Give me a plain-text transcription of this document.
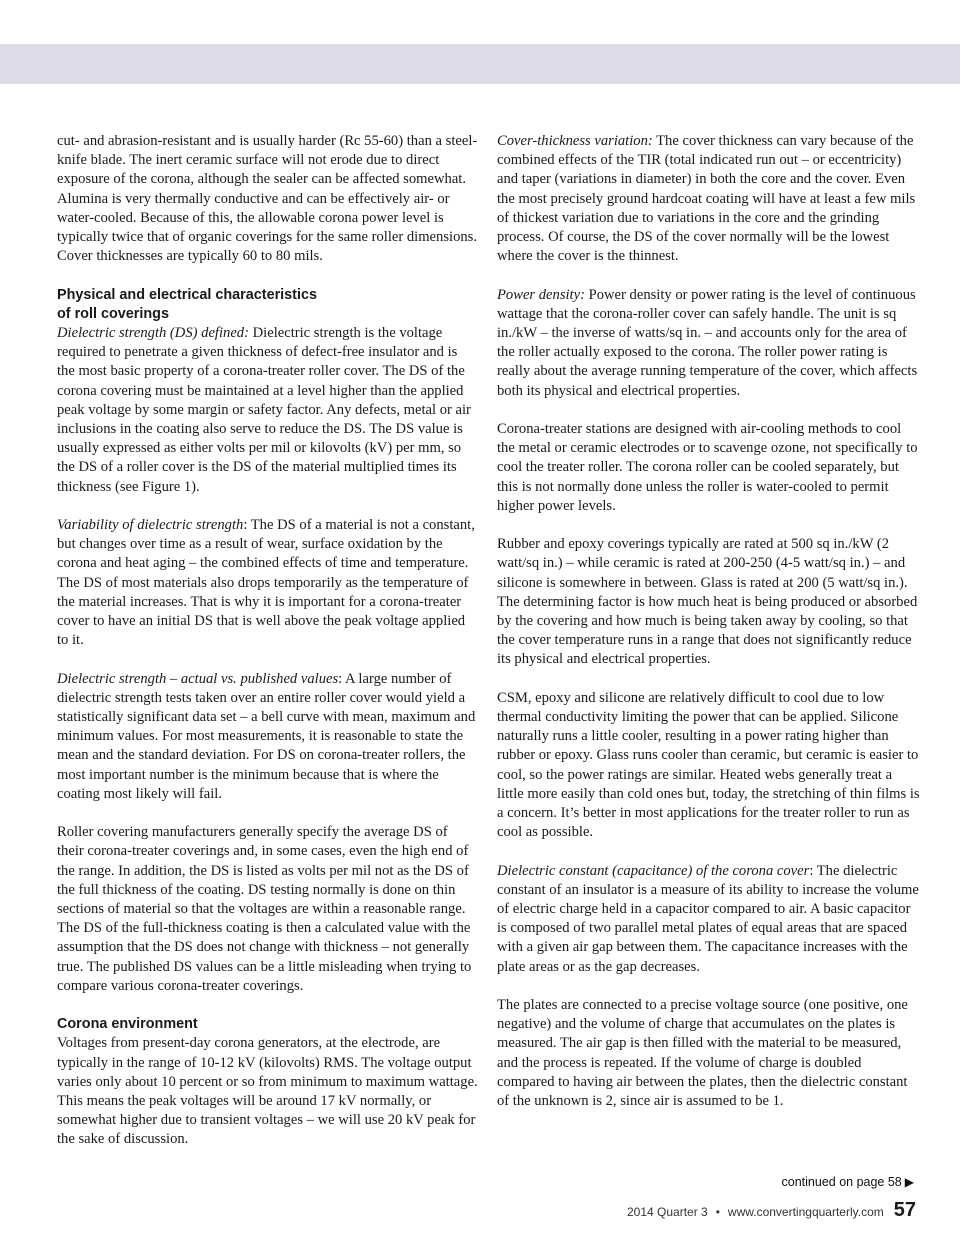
cut- and abrasion-resistant and is usually harder (Rc 55-60) than a steel-knife blade. The inert ceramic surface will not erode due to direct exposure of the corona, although the sealer can be affected somewhat. Alumina is very thermally conductive and can be effectively air- or water-cooled. Because of this, the allowable corona power level is typically twice that of organic coverings for the same roller dimensions. Cover thicknesses are typically 60 to 80 mils.

Physical and electrical characteristics
of roll coverings

Dielectric strength (DS) defined: Dielectric strength is the voltage required to penetrate a given thickness of defect-free insulator and is the most basic property of a corona-treater roller cover. The DS of the corona covering must be maintained at a level higher than the applied peak voltage by some margin or safety factor. Any defects, metal or air inclusions in the coating also serve to reduce the DS. The DS value is usually expressed as either volts per mil or kilovolts (kV) per mm, so the DS of a roller cover is the DS of the material multiplied times its thickness (see Figure 1).

Variability of dielectric strength: The DS of a material is not a constant, but changes over time as a result of wear, surface oxidation by the corona and heat aging – the combined effects of time and temperature. The DS of most materials also drops temporarily as the temperature of the material increases. That is why it is important for a corona-treater cover to have an initial DS that is well above the peak voltage applied to it.

Dielectric strength – actual vs. published values: A large number of dielectric strength tests taken over an entire roller cover would yield a statistically significant data set – a bell curve with mean, maximum and minimum values. For most measurements, it is reasonable to state the mean and the standard deviation. For DS on corona-treater rollers, the most important number is the minimum because that is where the coating most likely will fail.

Roller covering manufacturers generally specify the average DS of their corona-treater coverings and, in some cases, even the high end of the range. In addition, the DS is listed as volts per mil not as the DS of the full thickness of the coating. DS testing normally is done on thin sections of material so that the voltages are within a reasonable range. The DS of the full-thickness coating is then a calculated value with the assumption that the DS does not change with thickness – not generally true. The published DS values can be a little misleading when trying to compare various corona-treater coverings.

Corona environment

Voltages from present-day corona generators, at the electrode, are typically in the range of 10-12 kV (kilovolts) RMS. The voltage output varies only about 10 percent or so from minimum to maximum wattage. This means the peak voltages will be around 17 kV normally, or somewhat higher due to transient voltages – we will use 20 kV peak for the sake of discussion.

Cover-thickness variation: The cover thickness can vary because of the combined effects of the TIR (total indicated run out – or eccentricity) and taper (variations in diameter) in both the core and the cover. Even the most precisely ground hardcoat coating will have at least a few mils of thickest variation due to variations in the core and the grinding process. Of course, the DS of the cover normally will be the lowest where the cover is the thinnest.

Power density: Power density or power rating is the level of continuous wattage that the corona-roller cover can safely handle. The unit is sq in./kW – the inverse of watts/sq in. – and accounts only for the area of the roller actually exposed to the corona. The roller power rating is really about the average running temperature of the cover, which affects both its physical and electrical properties.

Corona-treater stations are designed with air-cooling methods to cool the metal or ceramic electrodes or to scavenge ozone, not specifically to cool the treater roller. The corona roller can be cooled separately, but this is not normally done unless the roller is water-cooled to permit higher power levels.

Rubber and epoxy coverings typically are rated at 500 sq in./kW (2 watt/sq in.) – while ceramic is rated at 200-250 (4-5 watt/sq in.) – and silicone is somewhere in between. Glass is rated at 200 (5 watt/sq in.). The determining factor is how much heat is being produced or absorbed by the covering and how much is being taken away by cooling, so that the cover temperature runs in a range that does not significantly reduce its physical and electrical properties.

CSM, epoxy and silicone are relatively difficult to cool due to low thermal conductivity limiting the power that can be applied. Silicone naturally runs a little cooler, resulting in a power rating higher than rubber or epoxy. Glass runs cooler than ceramic, but ceramic is easier to cool, so the power ratings are similar. Heated webs generally treat a little more easily than cold ones but, today, the stretching of thin films is a concern. It’s better in most applications for the treater roller to run as cool as possible.

Dielectric constant (capacitance) of the corona cover: The dielectric constant of an insulator is a measure of its ability to increase the volume of electric charge held in a capacitor compared to air. A basic capacitor is composed of two parallel metal plates of equal areas that are spaced with a given air gap between them. The capacitance increases with the plate areas or as the gap decreases.

The plates are connected to a precise voltage source (one positive, one negative) and the volume of charge that accumulates on the plates is measured. The air gap is then filled with the material to be measured, and the process is repeated. If the volume of charge is doubled compared to having air between the plates, then the dielectric constant of the unknown is 2, since air is assumed to be 1.

continued on page 58 ▶
2014 Quarter 3 • www.convertingquarterly.com 57
